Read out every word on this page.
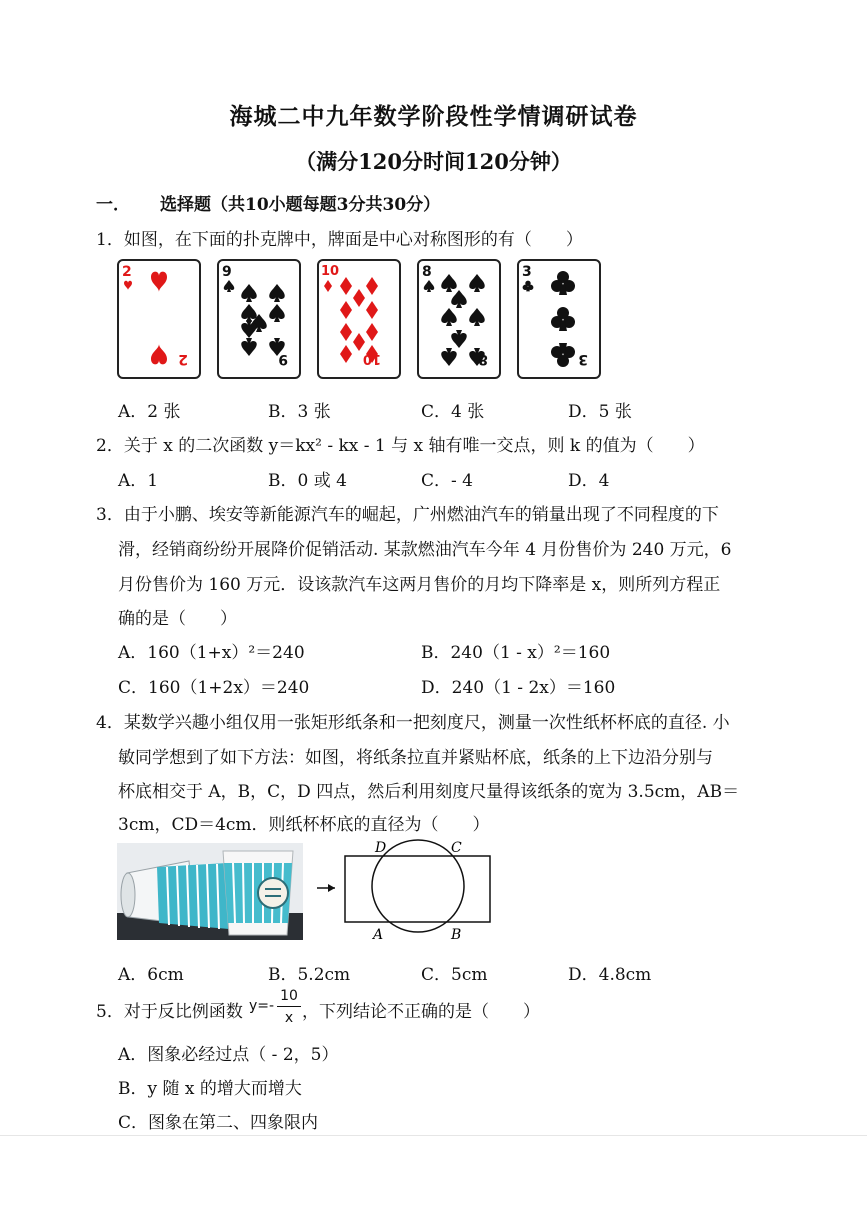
海城二中九年数学阶段性学情调研试卷
（满分120分时间120分钟）
一． 选择题（共10小题每题3分共30分）
1．如图，在下面的扑克牌中，牌面是中心对称图形的有（　　）
2
2
9
9
10
10
8
8
3
3
A．2 张	B．3 张	C．4 张	D．5 张
2．关于 x 的二次函数 y＝kx² - kx - 1 与 x 轴有唯一交点，则 k 的值为（　　）
A．1	B．0 或 4	C．- 4	D．4
3．由于小鹏、埃安等新能源汽车的崛起，广州燃油汽车的销量出现了不同程度的下
滑，经销商纷纷开展降价促销活动. 某款燃油汽车今年 4 月份售价为 240 万元，6
月份售价为 160 万元．设该款汽车这两月售价的月均下降率是 x，则所列方程正
确的是（　　）
A．160（1+x）²＝240	B．240（1 - x）²＝160
C．160（1+2x）＝240	D．240（1 - 2x）＝160
4．某数学兴趣小组仅用一张矩形纸条和一把刻度尺，测量一次性纸杯杯底的直径. 小
敏同学想到了如下方法：如图，将纸条拉直并紧贴杯底，纸条的上下边沿分别与
杯底相交于 A，B，C，D 四点，然后利用刻度尺量得该纸条的宽为 3.5cm，AB＝
3cm，CD＝4cm．则纸杯杯底的直径为（　　）
D	C
A	B
A．6cm	B．5.2cm	C．5cm	D．4.8cm
5．对于反比例函数 y=-
10
x ，下列结论不正确的是（　　）
A．图象必经过点（ - 2，5）
B．y 随 x 的增大而增大
C．图象在第二、四象限内
